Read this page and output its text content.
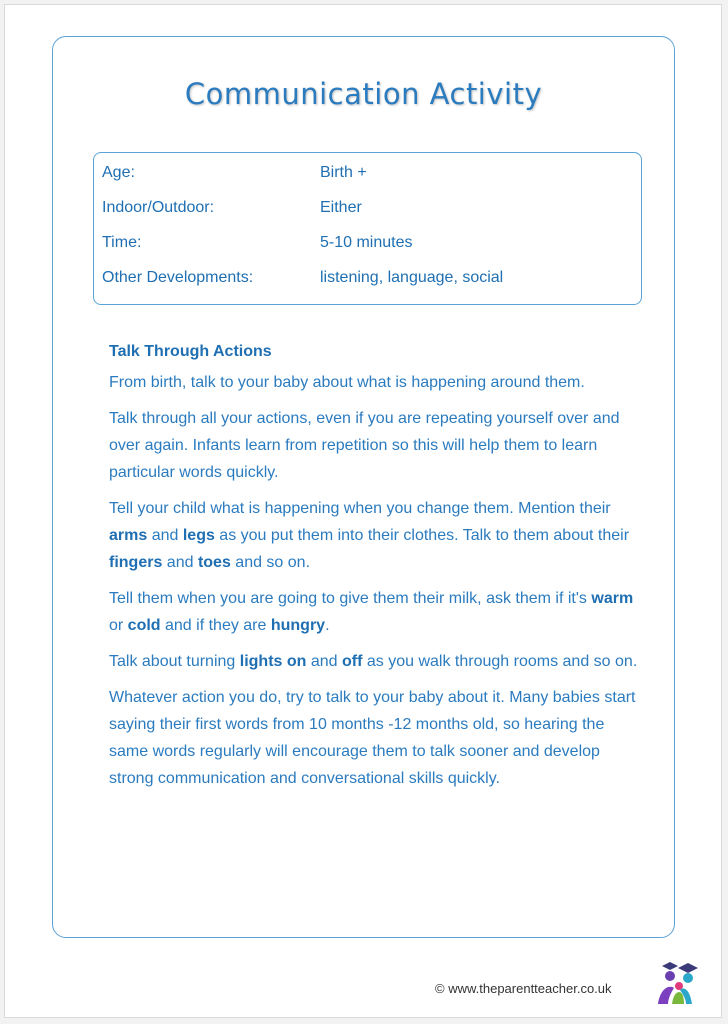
Communication Activity
Age:	Birth +
Indoor/Outdoor:	Either
Time:	5-10 minutes
Other Developments:	listening, language, social
Talk Through Actions

From birth, talk to your baby about what is happening around them.

Talk through all your actions, even if you are repeating yourself over and over again. Infants learn from repetition so this will help them to learn particular words quickly.

Tell your child what is happening when you change them. Mention their arms and legs as you put them into their clothes. Talk to them about their fingers and toes and so on.

Tell them when you are going to give them their milk, ask them if it's warm or cold and if they are hungry.

Talk about turning lights on and off as you walk through rooms and so on.

Whatever action you do, try to talk to your baby about it. Many babies start saying their first words from 10 months -12 months old, so hearing the same words regularly will encourage them to talk sooner and develop strong communication and conversational skills quickly.

© www.theparentteacher.co.uk
